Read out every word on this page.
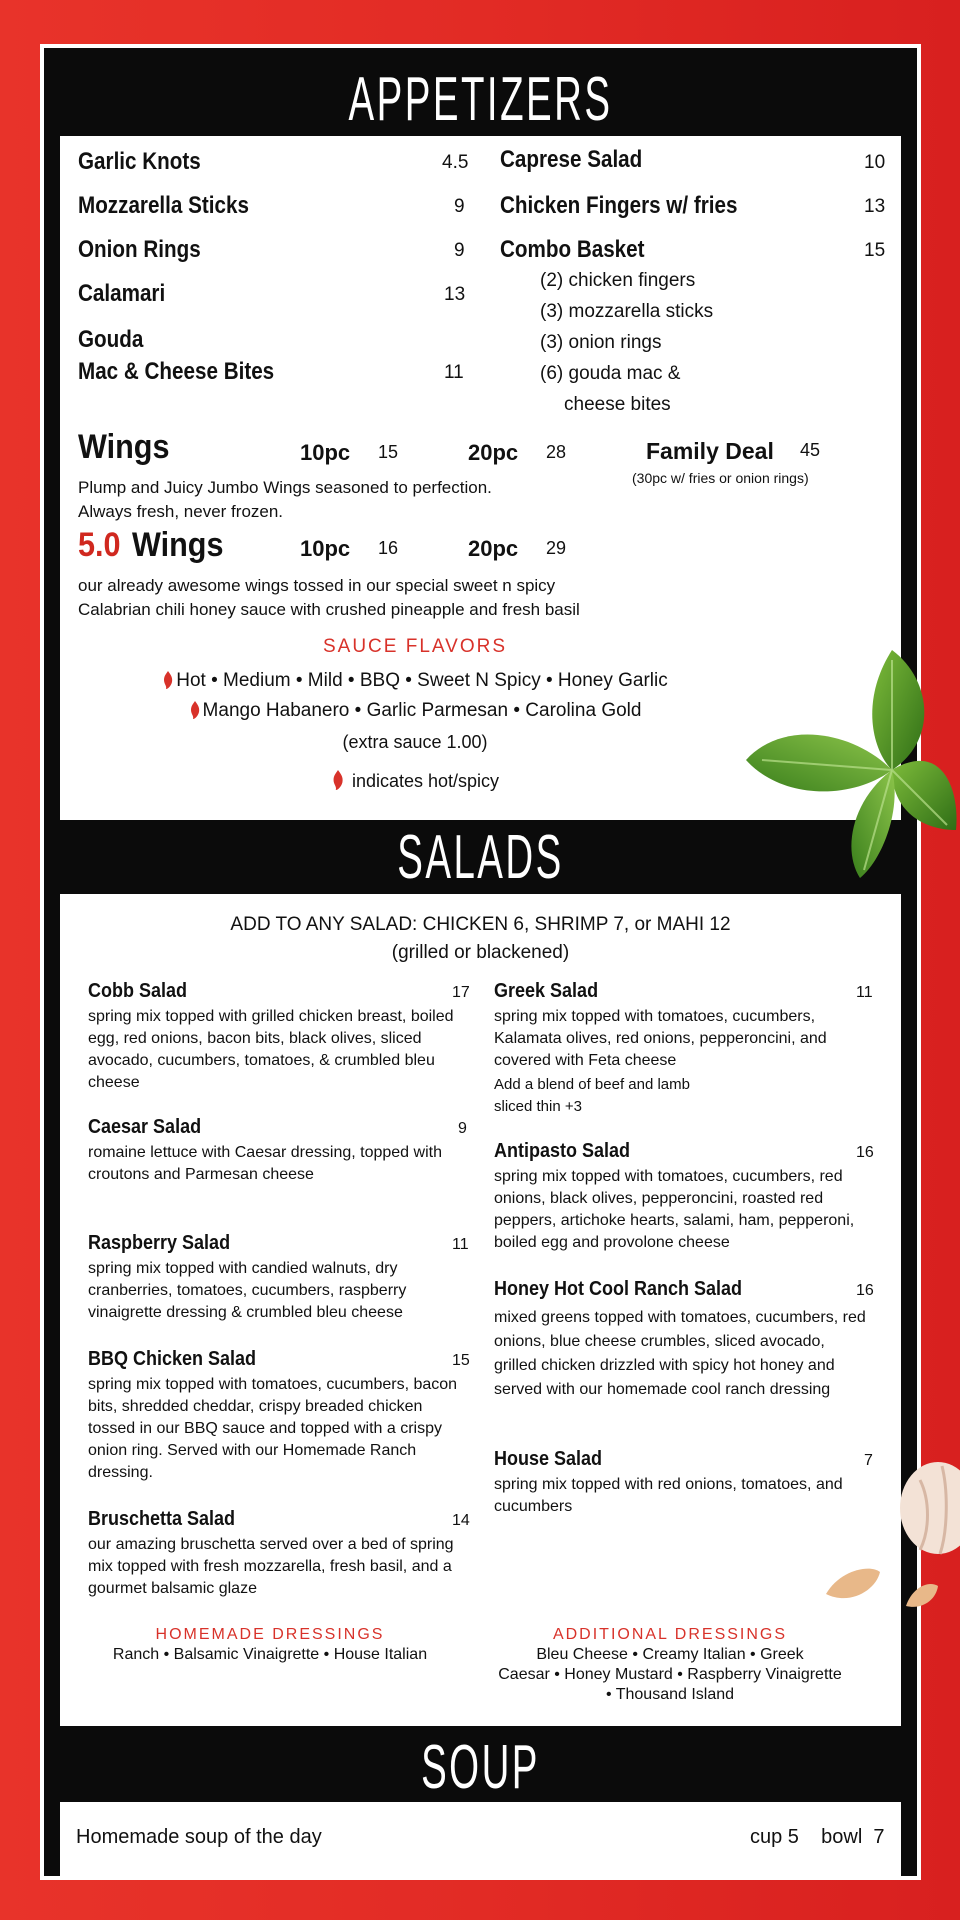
APPETIZERS
Garlic Knots	4.5
Mozzarella Sticks	9
Onion Rings	9
Calamari	13
Gouda
Mac & Cheese Bites	11
Caprese Salad	10
Chicken Fingers w/ fries	13
Combo Basket	15
(2) chicken fingers
(3) mozzarella sticks
(3) onion rings
(6) gouda mac &
cheese bites
Wings	10pc 15	20pc 28
Plump and Juicy Jumbo Wings seasoned to perfection.
Always fresh, never frozen.
Family Deal 45
(30pc w/ fries or onion rings)
5.0 Wings	10pc 16	20pc 29
our already awesome wings tossed in our special sweet n spicy
Calabrian chili honey sauce with crushed pineapple and fresh basil
SAUCE FLAVORS
Hot • Medium • Mild • BBQ • Sweet N Spicy • Honey Garlic
Mango Habanero • Garlic Parmesan • Carolina Gold
(extra sauce 1.00)
indicates hot/spicy
SALADS
ADD TO ANY SALAD: CHICKEN 6, SHRIMP 7, or MAHI 12
(grilled or blackened)
Cobb Salad	17
spring mix topped with grilled chicken breast, boiled egg, red onions, bacon bits, black olives, sliced avocado, cucumbers, tomatoes, & crumbled bleu cheese
Caesar Salad	9
romaine lettuce with Caesar dressing, topped with croutons and Parmesan cheese
Raspberry Salad	11
spring mix topped with candied walnuts, dry cranberries, tomatoes, cucumbers, raspberry vinaigrette dressing & crumbled bleu cheese
BBQ Chicken Salad	15
spring mix topped with tomatoes, cucumbers, bacon bits, shredded cheddar, crispy breaded chicken tossed in our BBQ sauce and topped with a crispy onion ring. Served with our Homemade Ranch dressing.
Bruschetta Salad	14
our amazing bruschetta served over a bed of spring mix topped with fresh mozzarella, fresh basil, and a gourmet balsamic glaze
Greek Salad	11
spring mix topped with tomatoes, cucumbers, Kalamata olives, red onions, pepperoncini, and covered with Feta cheese
Add a blend of beef and lamb sliced thin +3
Antipasto Salad	16
spring mix topped with tomatoes, cucumbers, red onions, black olives, pepperoncini, roasted red peppers, artichoke hearts, salami, ham, pepperoni, boiled egg and provolone cheese
Honey Hot Cool Ranch Salad	16
mixed greens topped with tomatoes, cucumbers, red onions, blue cheese crumbles, sliced avocado, grilled chicken drizzled with spicy hot honey and served with our homemade cool ranch dressing
House Salad	7
spring mix topped with red onions, tomatoes, and cucumbers
HOMEMADE DRESSINGS
Ranch • Balsamic Vinaigrette • House Italian
ADDITIONAL DRESSINGS
Bleu Cheese • Creamy Italian • Greek
Caesar • Honey Mustard • Raspberry Vinaigrette
• Thousand Island
SOUP
Homemade soup of the day	cup 5    bowl  7
